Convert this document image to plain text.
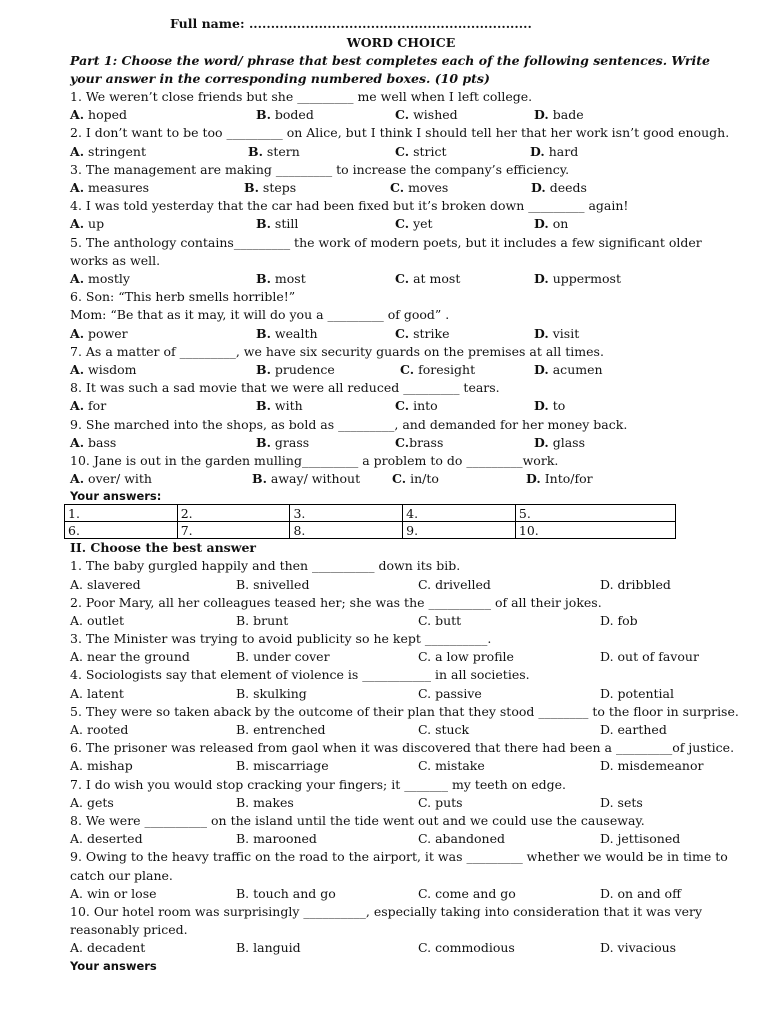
Full name: .................................................................
WORD CHOICE
Part 1: Choose the word/ phrase that best completes each of the following sentences. Write your answer in the corresponding numbered boxes. (10 pts)
1. We weren’t close friends but she _________ me well when I left college.
A. hoped	B. boded	C. wished	D. bade
2. I don’t want to be too _________ on Alice, but I think I should tell her that her work isn’t good enough.
A. stringent	B. stern	C. strict	D. hard
3. The management are making _________ to increase the company’s efficiency.
A. measures	B. steps	C. moves	D. deeds
4. I was told yesterday that the car had been fixed but it’s broken down _________ again!
A. up	B. still	C. yet	D. on
5. The anthology contains_________ the work of modern poets, but it includes a few significant older works as well.
A. mostly	B. most	C. at most	D. uppermost
6. Son: “This herb smells horrible!”
Mom: “Be that as it may, it will do you a _________ of good” .
A. power	B. wealth	C. strike	D. visit
7. As a matter of _________, we have six security guards on the premises at all times.
A. wisdom	B. prudence	C. foresight	D. acumen
8. It was such a sad movie that we were all reduced _________ tears.
A. for	B. with	C. into	D. to
9. She marched into the shops, as bold as _________, and demanded for her money back.
A. bass	B. grass	C.brass	D. glass
10. Jane is out in the garden mulling_________ a problem to do _________work.
A. over/ with	B. away/ without	C. in/to	D. Into/for
Your answers:
1.	2.	3.	4.	5.
6.	7.	8.	9.	10.
II. Choose the best answer
1. The baby gurgled happily and then __________ down its bib.
A. slavered	B. snivelled	C. drivelled	D. dribbled
2. Poor Mary, all her colleagues teased her; she was the __________ of all their jokes.
A. outlet	B. brunt	C. butt	D. fob
3. The Minister was trying to avoid publicity so he kept __________.
A. near the ground	B. under cover	C. a low profile	D. out of favour
4. Sociologists say that element of violence is ___________ in all societies.
A. latent	B. skulking	C. passive	D. potential
5. They were so taken aback by the outcome of their plan that they stood ________ to the floor in surprise.
A. rooted	B. entrenched	C. stuck	D. earthed
6. The prisoner was released from gaol when it was discovered that there had been a _________of justice.
A. mishap	B. miscarriage	C. mistake	D. misdemeanor
7. I do wish you would stop cracking your fingers; it _______ my teeth on edge.
A. gets	B. makes	C. puts	D. sets
8. We were __________ on the island until the tide went out and we could use the causeway.
A. deserted	B. marooned	C. abandoned	D. jettisoned
9. Owing to the heavy traffic on the road to the airport, it was _________ whether we would be in time to catch our plane.
A. win or lose	B. touch and go	C. come and go	D. on and off
10. Our hotel room was surprisingly __________, especially taking into consideration that it was very reasonably priced.
A. decadent	B. languid	C. commodious	D. vivacious
Your answers
